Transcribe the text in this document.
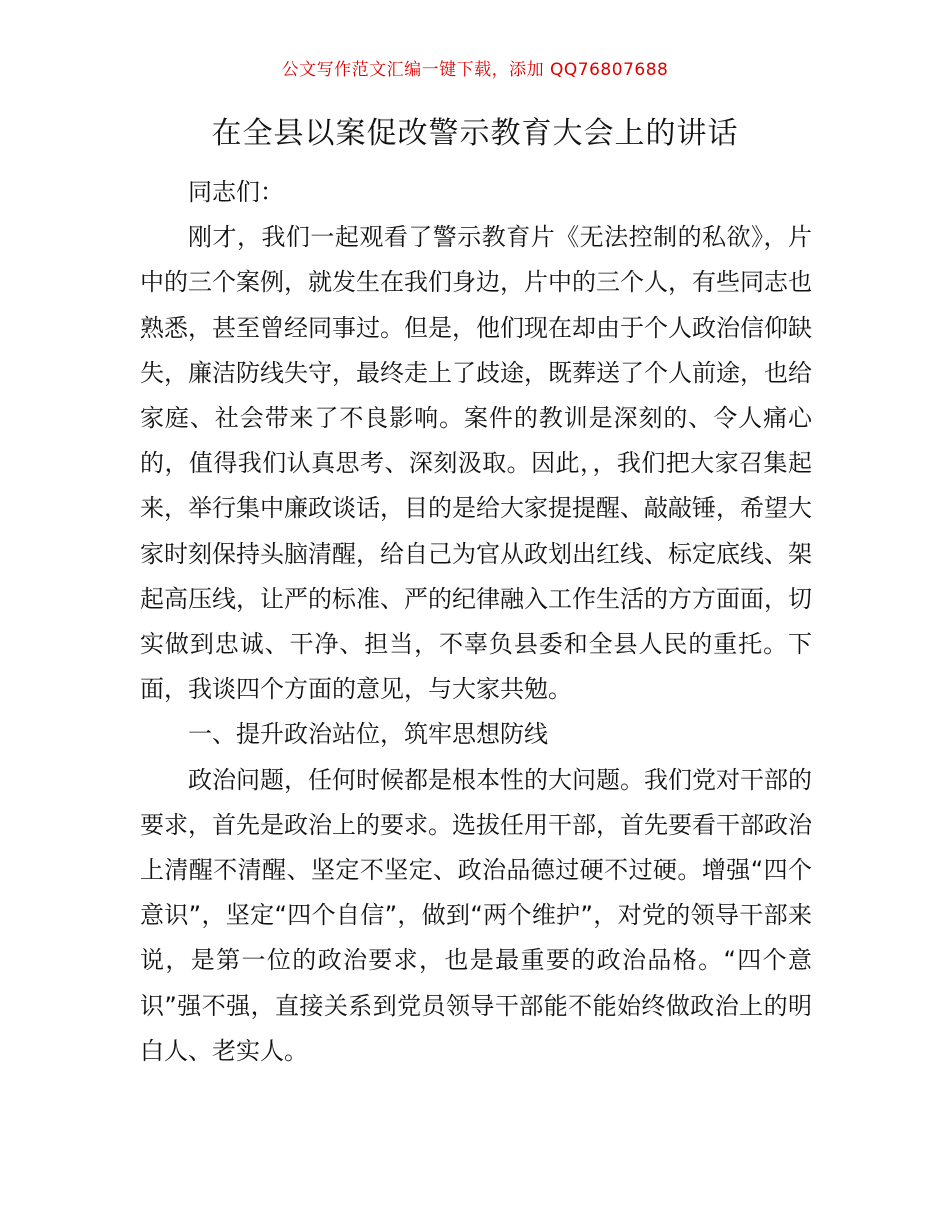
公文写作范文汇编一键下载，添加 QQ76807688
在全县以案促改警示教育大会上的讲话

同志们：

刚才，我们一起观看了警示教育片《无法控制的私欲》，片中的三个案例，就发生在我们身边，片中的三个人，有些同志也熟悉，甚至曾经同事过。但是，他们现在却由于个人政治信仰缺失，廉洁防线失守，最终走上了歧途，既葬送了个人前途，也给家庭、社会带来了不良影响。案件的教训是深刻的、令人痛心的，值得我们认真思考、深刻汲取。因此，，我们把大家召集起来，举行集中廉政谈话，目的是给大家提提醒、敲敲锤，希望大家时刻保持头脑清醒，给自己为官从政划出红线、标定底线、架起高压线，让严的标准、严的纪律融入工作生活的方方面面，切实做到忠诚、干净、担当，不辜负县委和全县人民的重托。下面，我谈四个方面的意见，与大家共勉。

一、提升政治站位，筑牢思想防线

政治问题，任何时候都是根本性的大问题。我们党对干部的要求，首先是政治上的要求。选拔任用干部，首先要看干部政治上清醒不清醒、坚定不坚定、政治品德过硬不过硬。增强“四个意识”，坚定“四个自信”，做到“两个维护”，对党的领导干部来说，是第一位的政治要求，也是最重要的政治品格。“四个意识”强不强，直接关系到党员领导干部能不能始终做政治上的明白人、老实人。
